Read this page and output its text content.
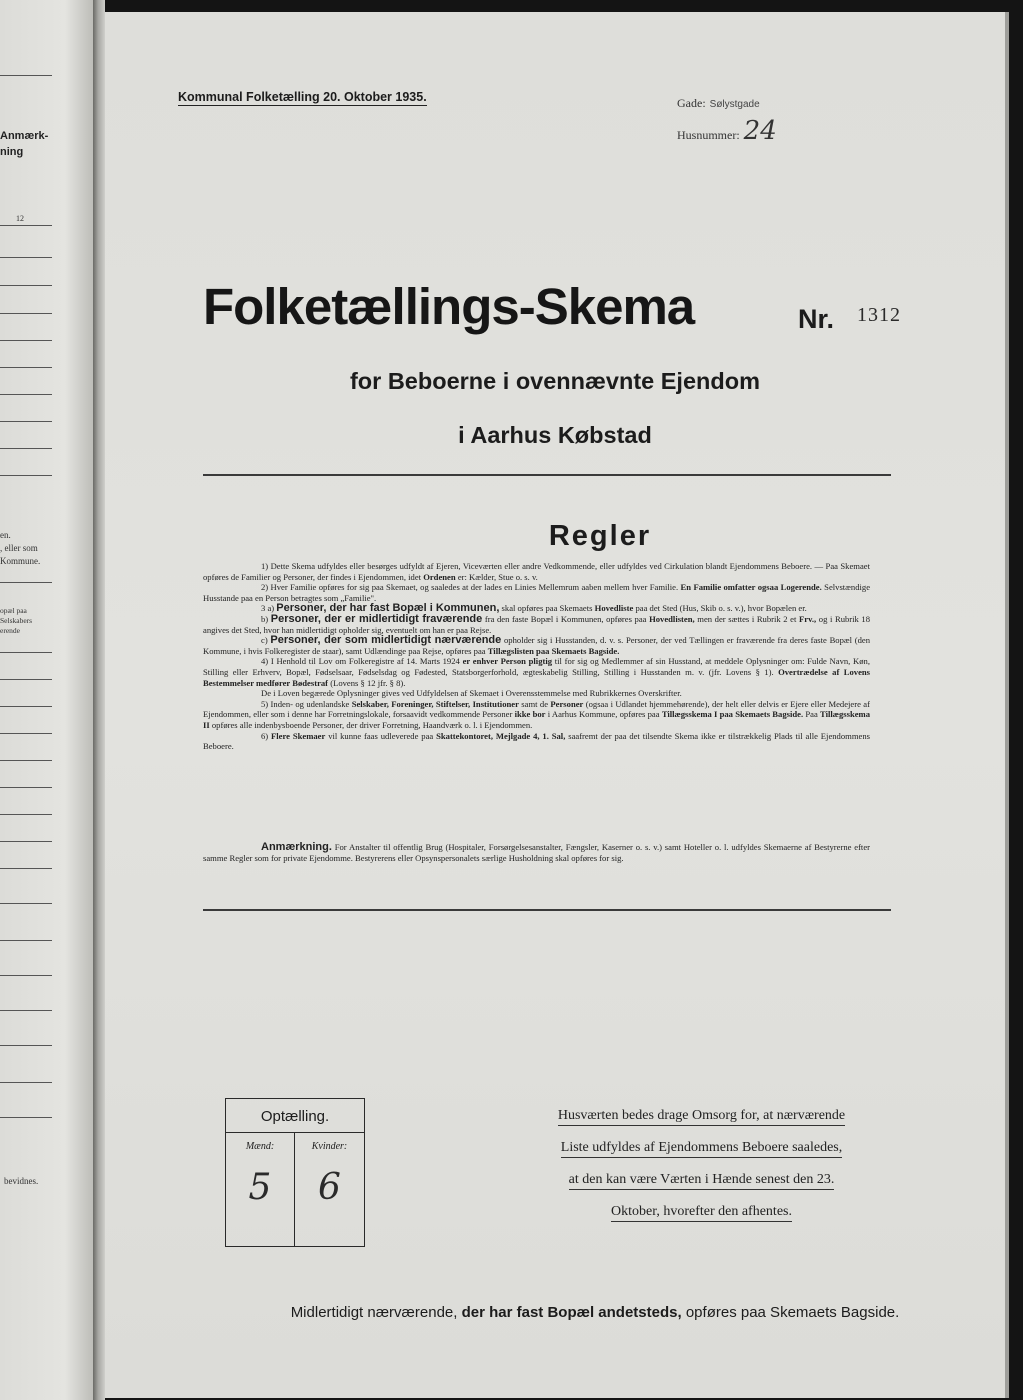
Anmærk-
ning
12
en.
, eller som
Kommune.
opæl paa
Selskabers
erende
bevidnes.
Kommunal Folketælling 20. Oktober 1935.	Gade: Sølystgade
Husnummer: 24
Folketællings-Skema	Nr. 1312
for Beboerne i ovennævnte Ejendom
i Aarhus Købstad
Regler

1) Dette Skema udfyldes eller besørges udfyldt af Ejeren, Viceværten eller andre Vedkommende, eller udfyldes ved Cirkulation blandt Ejendommens Beboere. — Paa Skemaet opføres de Familier og Personer, der findes i Ejendommen, idet Ordenen er: Kælder, Stue o. s. v.

2) Hver Familie opføres for sig paa Skemaet, og saaledes at der lades en Linies Mellemrum aaben mellem hver Familie. En Familie omfatter ogsaa Logerende. Selvstændige Husstande paa en Person betragtes som „Familie".

3 a) Personer, der har fast Bopæl i Kommunen, skal opføres paa Skemaets Hovedliste paa det Sted (Hus, Skib o. s. v.), hvor Bopælen er.

b) Personer, der er midlertidigt fraværende fra den faste Bopæl i Kommunen, opføres paa Hovedlisten, men der sættes i Rubrik 2 et Frv., og i Rubrik 18 angives det Sted, hvor han midlertidigt opholder sig, eventuelt om han er paa Rejse.

c) Personer, der som midlertidigt nærværende opholder sig i Husstanden, d. v. s. Personer, der ved Tællingen er fraværende fra deres faste Bopæl (den Kommune, i hvis Folkeregister de staar), samt Udlændinge paa Rejse, opføres paa Tillægslisten paa Skemaets Bagside.

4) I Henhold til Lov om Folkeregistre af 14. Marts 1924 er enhver Person pligtig til for sig og Medlemmer af sin Husstand, at meddele Oplysninger om: Fulde Navn, Køn, Stilling eller Erhverv, Bopæl, Fødselsaar, Fødselsdag og Fødested, Statsborgerforhold, ægteskabelig Stilling, Stilling i Husstanden m. v. (jfr. Lovens § 1). Overtrædelse af Lovens Bestemmelser medfører Bødestraf (Lovens § 12 jfr. § 8).

De i Loven begærede Oplysninger gives ved Udfyldelsen af Skemaet i Overensstemmelse med Rubrikkernes Overskrifter.

5) Inden- og udenlandske Selskaber, Foreninger, Stiftelser, Institutioner samt de Personer (ogsaa i Udlandet hjemmehørende), der helt eller delvis er Ejere eller Medejere af Ejendommen, eller som i denne har Forretningslokale, forsaavidt vedkommende Personer ikke bor i Aarhus Kommune, opføres paa Tillægsskema I paa Skemaets Bagside. Paa Tillægsskema II opføres alle indenbysboende Personer, der driver Forretning, Haandværk o. l. i Ejendommen.

6) Flere Skemaer vil kunne faas udleverede paa Skattekontoret, Mejlgade 4, 1. Sal, saafremt der paa det tilsendte Skema ikke er tilstrækkelig Plads til alle Ejendommens Beboere.

Anmærkning. For Anstalter til offentlig Brug (Hospitaler, Forsørgelsesanstalter, Fængsler, Kaserner o. s. v.) samt Hoteller o. l. udfyldes Skemaerne af Bestyrerne efter samme Regler som for private Ejendomme. Bestyrerens eller Opsynspersonalets særlige Husholdning skal opføres for sig.

Optælling.
Mænd:
5
Kvinder:
6
Husværten bedes drage Omsorg for, at nærværende
Liste udfyldes af Ejendommens Beboere saaledes,
at den kan være Værten i Hænde senest den 23.
Oktober, hvorefter den afhentes.
Midlertidigt nærværende, der har fast Bopæl andetsteds, opføres paa Skemaets Bagside.
